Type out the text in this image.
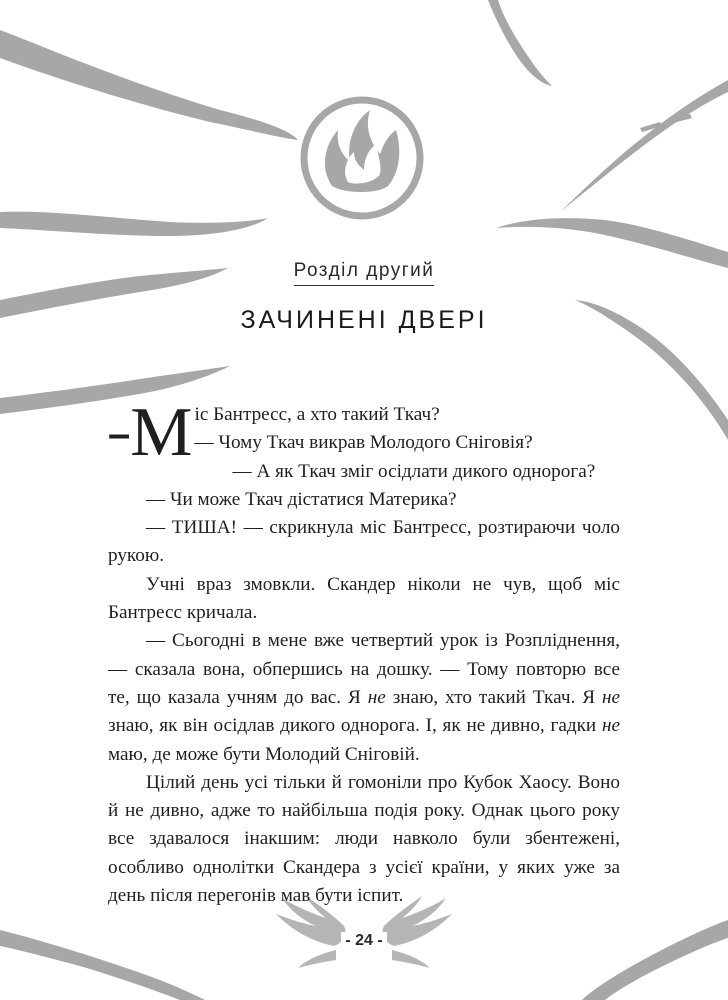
Розділ другий
ЗАЧИНЕНІ ДВЕРІ

– М іс Бантресс, а хто такий Ткач?

— Чому Ткач викрав Молодого Сніговія?

— А як Ткач зміг осідлати дикого однорога?

— Чи може Ткач дістатися Материка?

— ТИША! — скрикнула міс Бантресс, розтираючи чоло рукою.

Учні враз змовкли. Скандер ніколи не чув, щоб міс Бантресс кричала.

— Сьогодні в мене вже четвертий урок із Розпліднення, — сказала вона, обпершись на дошку. — Тому повторю все те, що казала учням до вас. Я не знаю, хто такий Ткач. Я не знаю, як він осідлав дикого однорога. І, як не дивно, гадки не маю, де може бути Молодий Сніговій.

Цілий день усі тільки й гомоніли про Кубок Хаосу. Воно й не дивно, адже то найбільша подія року. Однак цього року все здавалося інакшим: люди навколо були збентежені, особливо однолітки Скандера з усієї країни, у яких уже за день після перегонів мав бути іспит.

- 24 -
